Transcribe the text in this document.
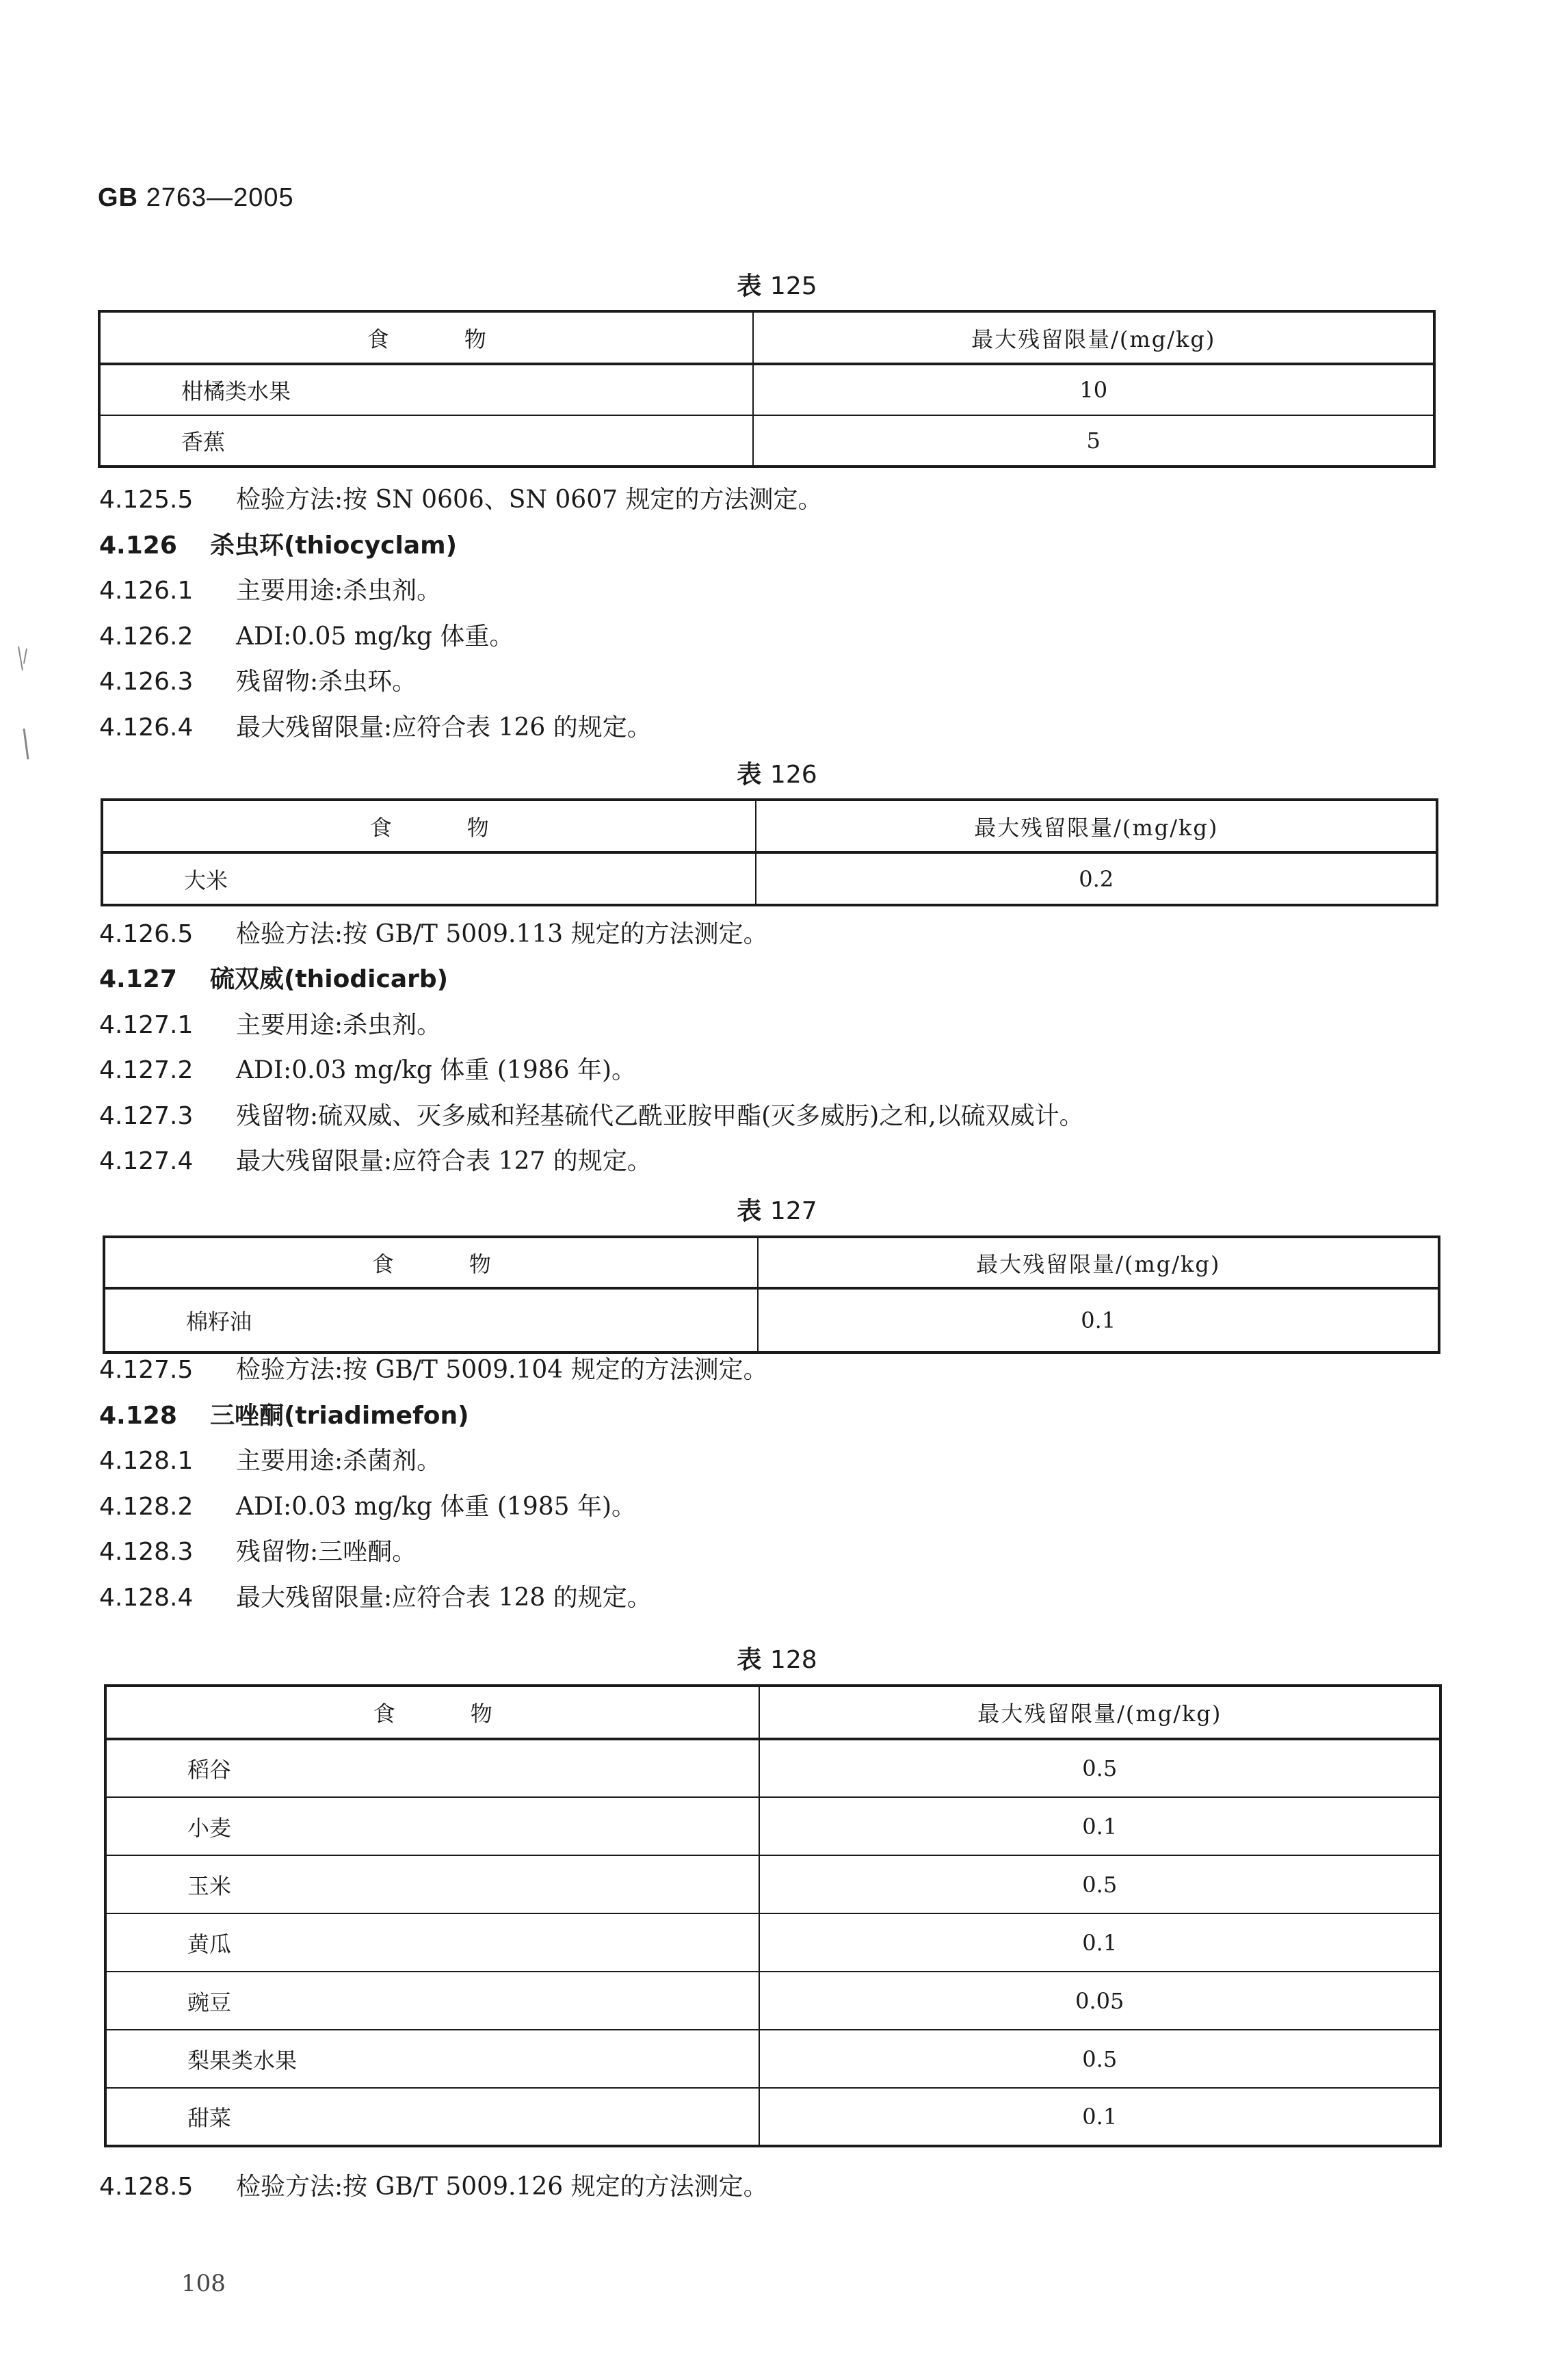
GB 2763—2005
表 125
食 物	最大残留限量/(mg/kg)
柑橘类水果	10
香蕉	5
4.125.5 检验方法:按 SN 0606、SN 0607 规定的方法测定。
4.126 杀虫环(thiocyclam)
4.126.1 主要用途:杀虫剂。
4.126.2 ADI:0.05 mg/kg 体重。
4.126.3 残留物:杀虫环。
4.126.4 最大残留限量:应符合表 126 的规定。
表 126
食 物	最大残留限量/(mg/kg)
大米	0.2
4.126.5 检验方法:按 GB/T 5009.113 规定的方法测定。
4.127 硫双威(thiodicarb)
4.127.1 主要用途:杀虫剂。
4.127.2 ADI:0.03 mg/kg 体重 (1986 年)。
4.127.3 残留物:硫双威、灭多威和羟基硫代乙酰亚胺甲酯(灭多威肟)之和,以硫双威计。
4.127.4 最大残留限量:应符合表 127 的规定。
表 127
食 物	最大残留限量/(mg/kg)
棉籽油	0.1
4.127.5 检验方法:按 GB/T 5009.104 规定的方法测定。
4.128 三唑酮(triadimefon)
4.128.1 主要用途:杀菌剂。
4.128.2 ADI:0.03 mg/kg 体重 (1985 年)。
4.128.3 残留物:三唑酮。
4.128.4 最大残留限量:应符合表 128 的规定。
表 128
食 物	最大残留限量/(mg/kg)
稻谷	0.5
小麦	0.1
玉米	0.5
黄瓜	0.1
豌豆	0.05
梨果类水果	0.5
甜菜	0.1
4.128.5 检验方法:按 GB/T 5009.126 规定的方法测定。
108
